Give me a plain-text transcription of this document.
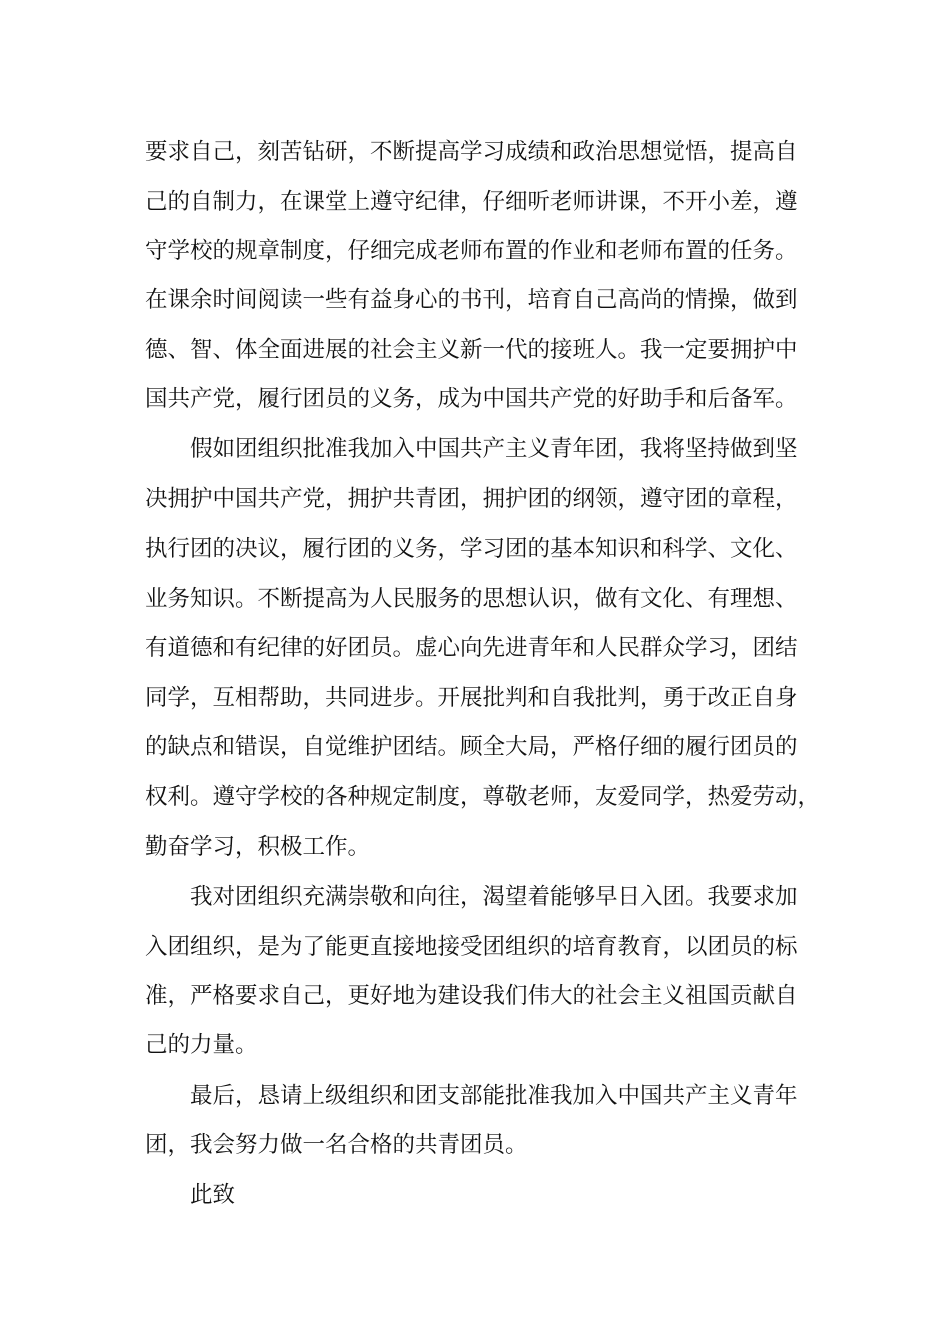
要求自己，刻苦钻研，不断提高学习成绩和政治思想觉悟，提高自
己的自制力，在课堂上遵守纪律，仔细听老师讲课，不开小差，遵
守学校的规章制度，仔细完成老师布置的作业和老师布置的任务。
在课余时间阅读一些有益身心的书刊，培育自己高尚的情操，做到
德、智、体全面进展的社会主义新一代的接班人。我一定要拥护中
国共产党，履行团员的义务，成为中国共产党的好助手和后备军。
假如团组织批准我加入中国共产主义青年团，我将坚持做到坚
决拥护中国共产党，拥护共青团，拥护团的纲领，遵守团的章程，
执行团的决议，履行团的义务，学习团的基本知识和科学、文化、
业务知识。不断提高为人民服务的思想认识，做有文化、有理想、
有道德和有纪律的好团员。虚心向先进青年和人民群众学习，团结
同学，互相帮助，共同进步。开展批判和自我批判，勇于改正自身
的缺点和错误，自觉维护团结。顾全大局，严格仔细的履行团员的
权利。遵守学校的各种规定制度，尊敬老师，友爱同学，热爱劳动，
勤奋学习，积极工作。
我对团组织充满崇敬和向往，渴望着能够早日入团。我要求加
入团组织，是为了能更直接地接受团组织的培育教育，以团员的标
准，严格要求自己，更好地为建设我们伟大的社会主义祖国贡献自
己的力量。
最后，恳请上级组织和团支部能批准我加入中国共产主义青年
团，我会努力做一名合格的共青团员。
此致
